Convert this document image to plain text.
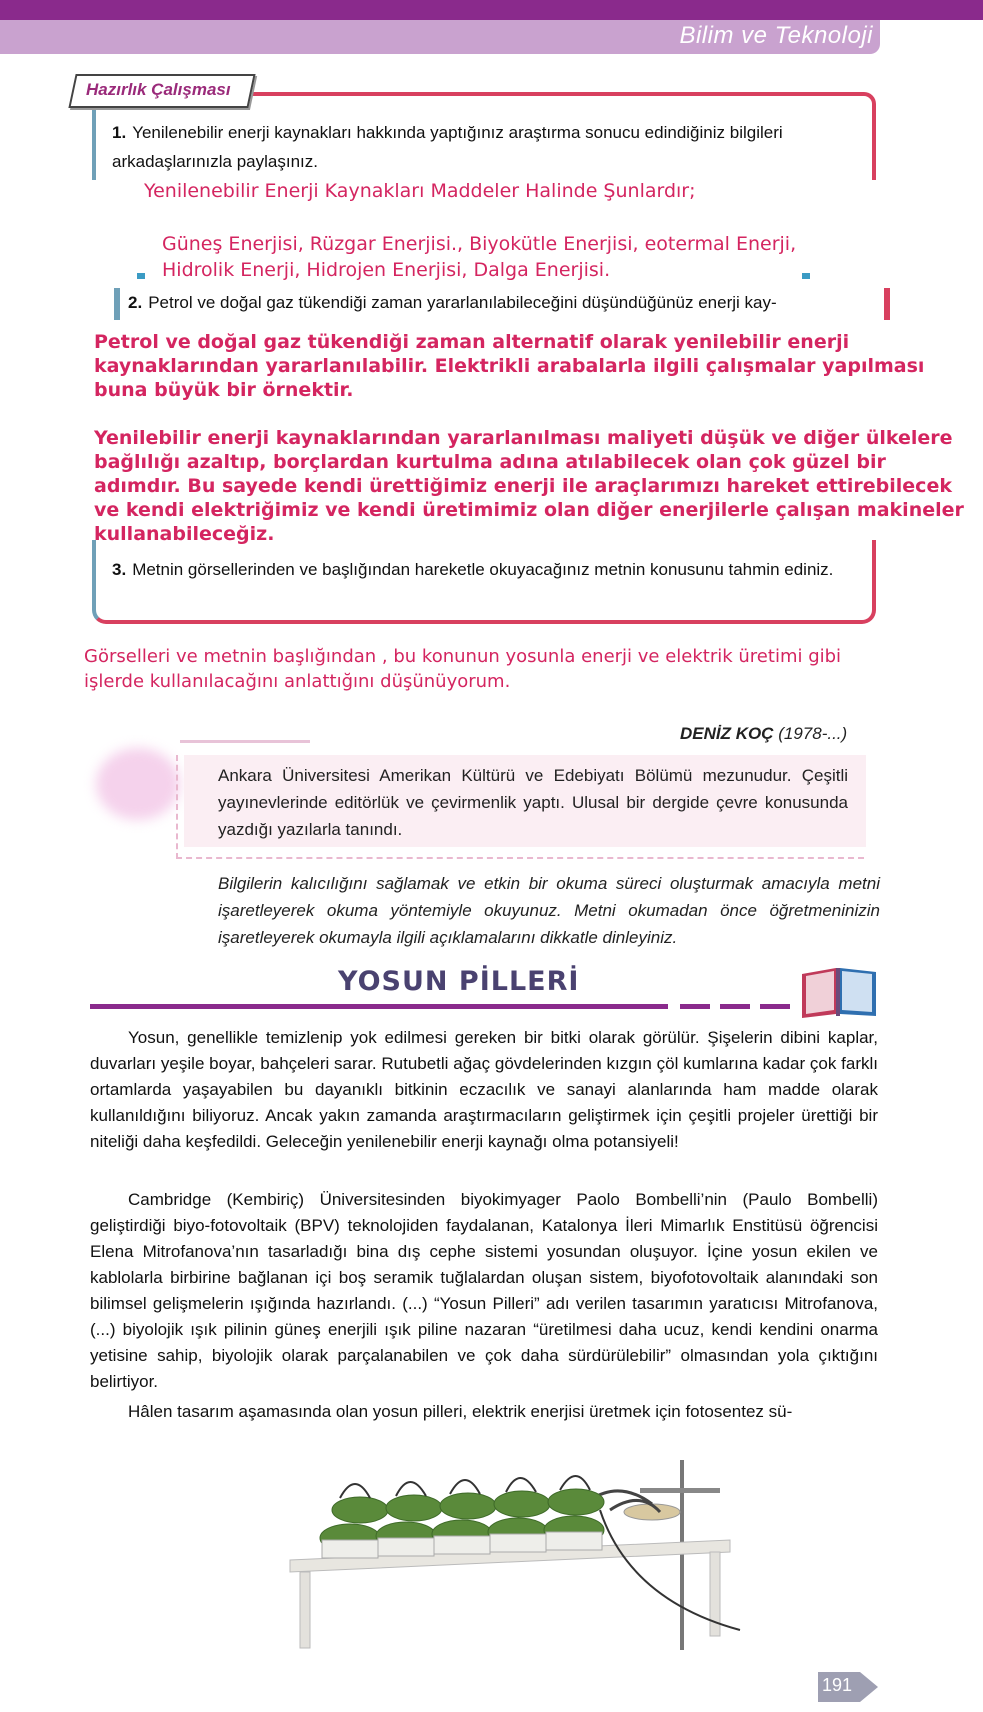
Bilim ve Teknoloji
Hazırlık Çalışması
1. Yenilenebilir enerji kaynakları hakkında yaptığınız araştırma sonucu edindiğiniz bilgileri arkadaşlarınızla paylaşınız.
Yenilenebilir Enerji Kaynakları Maddeler Halinde Şunlardır;
Güneş Enerjisi, Rüzgar Enerjisi., Biyokütle Enerjisi, eotermal Enerji,
Hidrolik Enerji, Hidrojen Enerjisi, Dalga Enerjisi.
2. Petrol ve doğal gaz tükendiği zaman yararlanılabileceğini düşündüğünüz enerji kay-
Petrol ve doğal gaz tükendiği zaman alternatif olarak yenilebilir enerji kaynaklarından yararlanılabilir. Elektrikli arabalarla ilgili çalışmalar yapılması buna büyük bir örnektir.
Yenilebilir enerji kaynaklarından yararlanılması maliyeti düşük ve diğer ülkelere bağlılığı azaltıp, borçlardan kurtulma adına atılabilecek olan çok güzel bir adımdır. Bu sayede kendi ürettiğimiz enerji ile araçlarımızı hareket ettirebilecek ve kendi elektriğimiz ve kendi üretimimiz olan diğer enerjilerle çalışan makineler kullanabileceğiz.
3. Metnin görsellerinden ve başlığından hareketle okuyacağınız metnin konusunu tahmin ediniz.
Görselleri ve metnin başlığından , bu konunun yosunla enerji ve elektrik üretimi gibi işlerde kullanılacağını anlattığını düşünüyorum.
DENİZ KOÇ (1978-...)
Ankara Üniversitesi Amerikan Kültürü ve Edebiyatı Bölümü mezunudur. Çeşitli yayınevlerinde editörlük ve çevirmenlik yaptı. Ulusal bir dergide çevre konusunda yazdığı yazılarla tanındı.
Bilgilerin kalıcılığını sağlamak ve etkin bir okuma süreci oluşturmak amacıyla metni işaretleyerek okuma yöntemiyle okuyunuz. Metni okumadan önce öğretmeninizin işaretleyerek okumayla ilgili açıklamalarını dikkatle dinleyiniz.
YOSUN PİLLERİ
Yosun, genellikle temizlenip yok edilmesi gereken bir bitki olarak görülür. Şişelerin dibini kaplar, duvarları yeşile boyar, bahçeleri sarar. Rutubetli ağaç gövdelerinden kızgın çöl kumlarına kadar çok farklı ortamlarda yaşayabilen bu dayanıklı bitkinin eczacılık ve sanayi alanlarında ham madde olarak kullanıldığını biliyoruz. Ancak yakın zamanda araştırmacıların geliştirmek için çeşitli projeler ürettiği bir niteliği daha keşfedildi. Geleceğin yenilenebilir enerji kaynağı olma potansiyeli!
Cambridge (Kembiriç) Üniversitesinden biyokimyager Paolo Bombelli’nin (Paulo Bombelli) geliştirdiği biyo-fotovoltaik (BPV) teknolojiden faydalanan, Katalonya İleri Mimarlık Enstitüsü öğrencisi Elena Mitrofanova’nın tasarladığı bina dış cephe sistemi yosundan oluşuyor. İçine yosun ekilen ve kablolarla birbirine bağlanan içi boş seramik tuğlalardan oluşan sistem, biyofotovoltaik alanındaki son bilimsel gelişmelerin ışığında hazırlandı. (...) “Yosun Pilleri” adı verilen tasarımın yaratıcısı Mitrofanova, (...) biyolojik ışık pilinin güneş enerjili ışık piline nazaran “üretilmesi daha ucuz, kendi kendini onarma yetisine sahip, biyolojik olarak parçalanabilen ve çok daha sürdürülebilir” olmasından yola çıktığını belirtiyor.
Hâlen tasarım aşamasında olan yosun pilleri, elektrik enerjisi üretmek için fotosentez sü-
191
